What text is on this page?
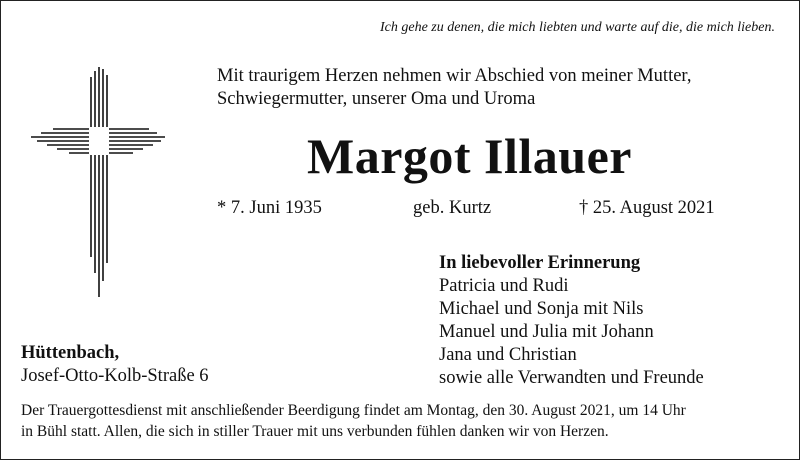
Ich gehe zu denen, die mich liebten und warte auf die, die mich lieben.
Mit traurigem Herzen nehmen wir Abschied von meiner Mutter,
Schwiegermutter, unserer Oma und Uroma
Margot Illauer
* 7. Juni 1935	geb. Kurtz	† 25. August 2021
In liebevoller Erinnerung
Patricia und Rudi
Michael und Sonja mit Nils
Manuel und Julia mit Johann
Jana und Christian
sowie alle Verwandten und Freunde
Hüttenbach,
Josef-Otto-Kolb-Straße 6
Der Trauergottesdienst mit anschließender Beerdigung findet am Montag, den 30. August 2021, um 14 Uhr
in Bühl statt. Allen, die sich in stiller Trauer mit uns verbunden fühlen danken wir von Herzen.
